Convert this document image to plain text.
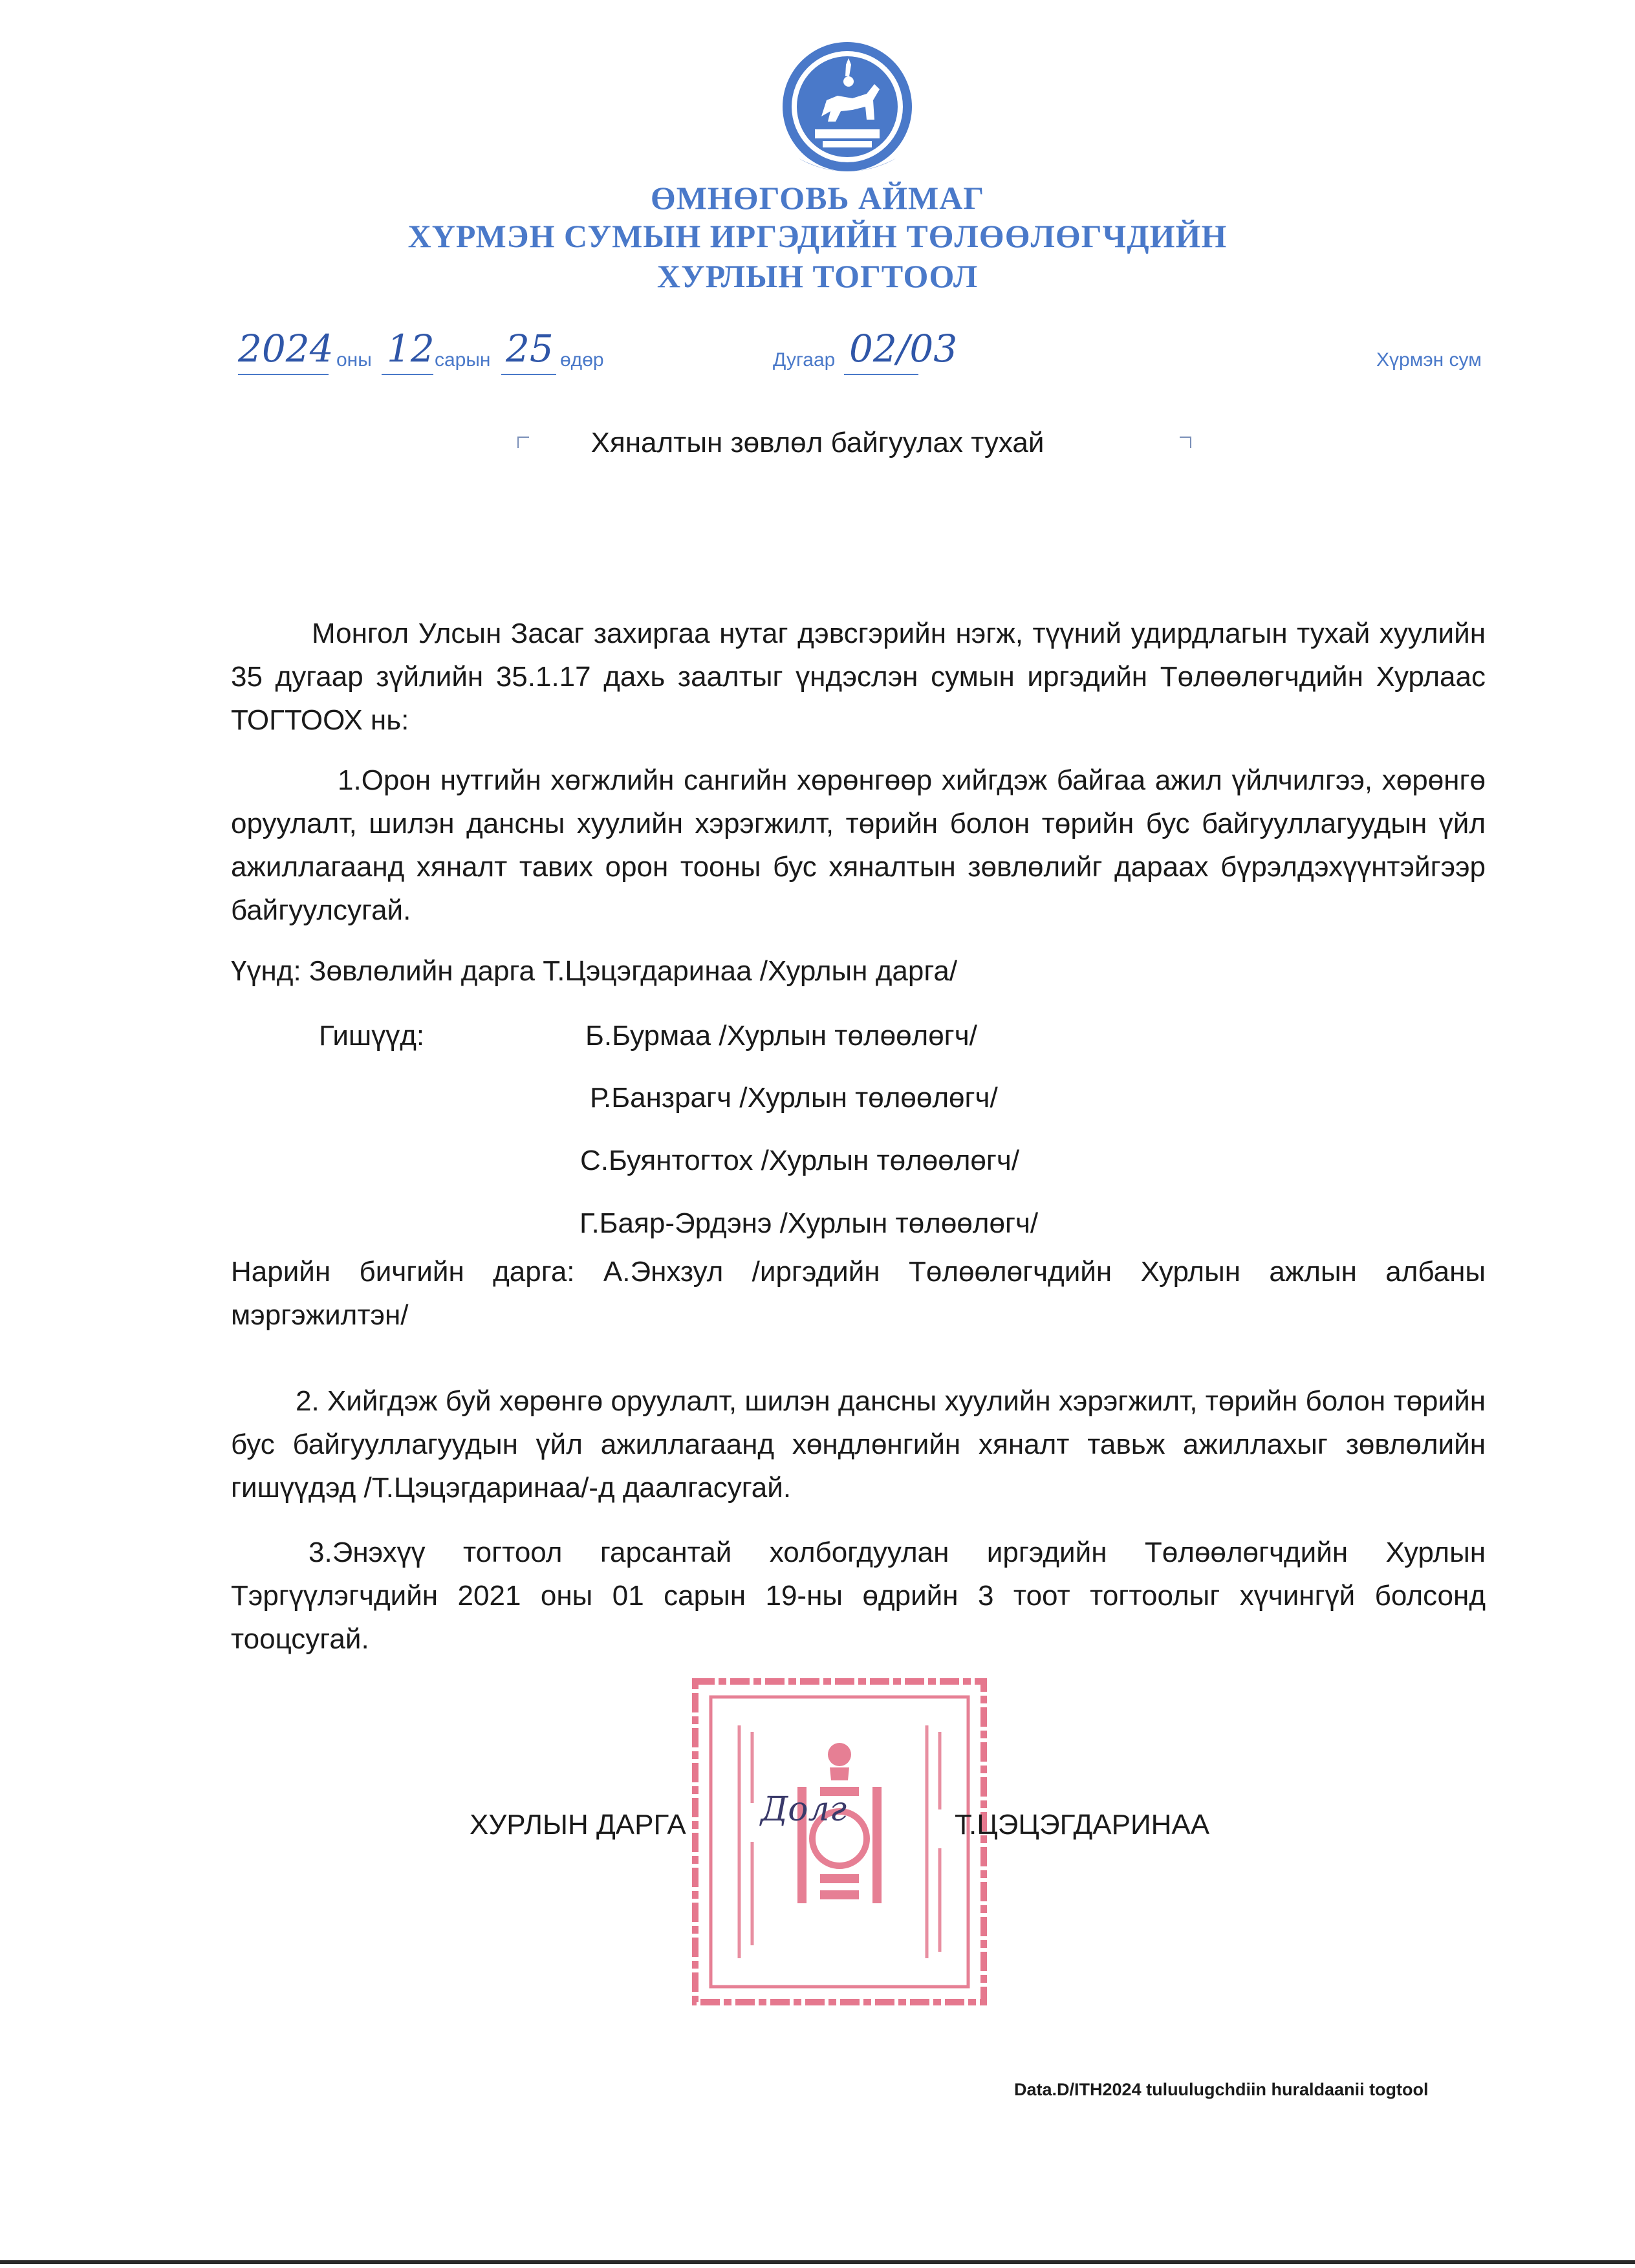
ӨМНӨГОВЬ АЙМАГ
ХҮРМЭН СУМЫН ИРГЭДИЙН ТӨЛӨӨЛӨГЧДИЙН
ХУРЛЫН ТОГТООЛ
2024 оны 12 сарын 25 өдөр	Дугаар 02/03	Хүрмэн сум
Хяналтын зөвлөл байгуулах тухай

Монгол Улсын Засаг захиргаа нутаг дэвсгэрийн нэгж, түүний удирдлагын тухай хуулийн 35 дугаар зүйлийн 35.1.17 дахь заалтыг үндэслэн сумын иргэдийн Төлөөлөгчдийн Хурлаас ТОГТООХ нь:

1.Орон нутгийн хөгжлийн сангийн хөрөнгөөр хийгдэж байгаа ажил үйлчилгээ, хөрөнгө оруулалт, шилэн дансны хуулийн хэрэгжилт, төрийн болон төрийн бус байгууллагуудын үйл ажиллагаанд хяналт тавих орон тооны бус хяналтын зөвлөлийг дараах бүрэлдэхүүнтэйгээр байгуулсугай.

Үүнд: Зөвлөлийн дарга Т.Цэцэгдаринаа /Хурлын дарга/
Гишүүд:	Б.Бурмаа /Хурлын төлөөлөгч/
Р.Банзрагч /Хурлын төлөөлөгч/
С.Буянтогтох /Хурлын төлөөлөгч/
Г.Баяр-Эрдэнэ /Хурлын төлөөлөгч/

Нарийн бичгийн дарга: А.Энхзул /иргэдийн Төлөөлөгчдийн Хурлын ажлын албаны мэргэжилтэн/

2. Хийгдэж буй хөрөнгө оруулалт, шилэн дансны хуулийн хэрэгжилт, төрийн болон төрийн бус байгууллагуудын үйл ажиллагаанд хөндлөнгийн хяналт тавьж ажиллахыг зөвлөлийн гишүүдэд /Т.Цэцэгдаринаа/-д даалгасугай.

3.Энэхүү тогтоол гарсантай холбогдуулан иргэдийн Төлөөлөгчдийн Хурлын Тэргүүлэгчдийн 2021 оны 01 сарын 19-ны өдрийн 3 тоот тогтоолыг хүчингүй болсонд тооцсугай.

ХУРЛЫН ДАРГА Долг	Т.ЦЭЦЭГДАРИНАА
Data.D/ITH2024 tuluulugchdiin huraldaanii togtool
